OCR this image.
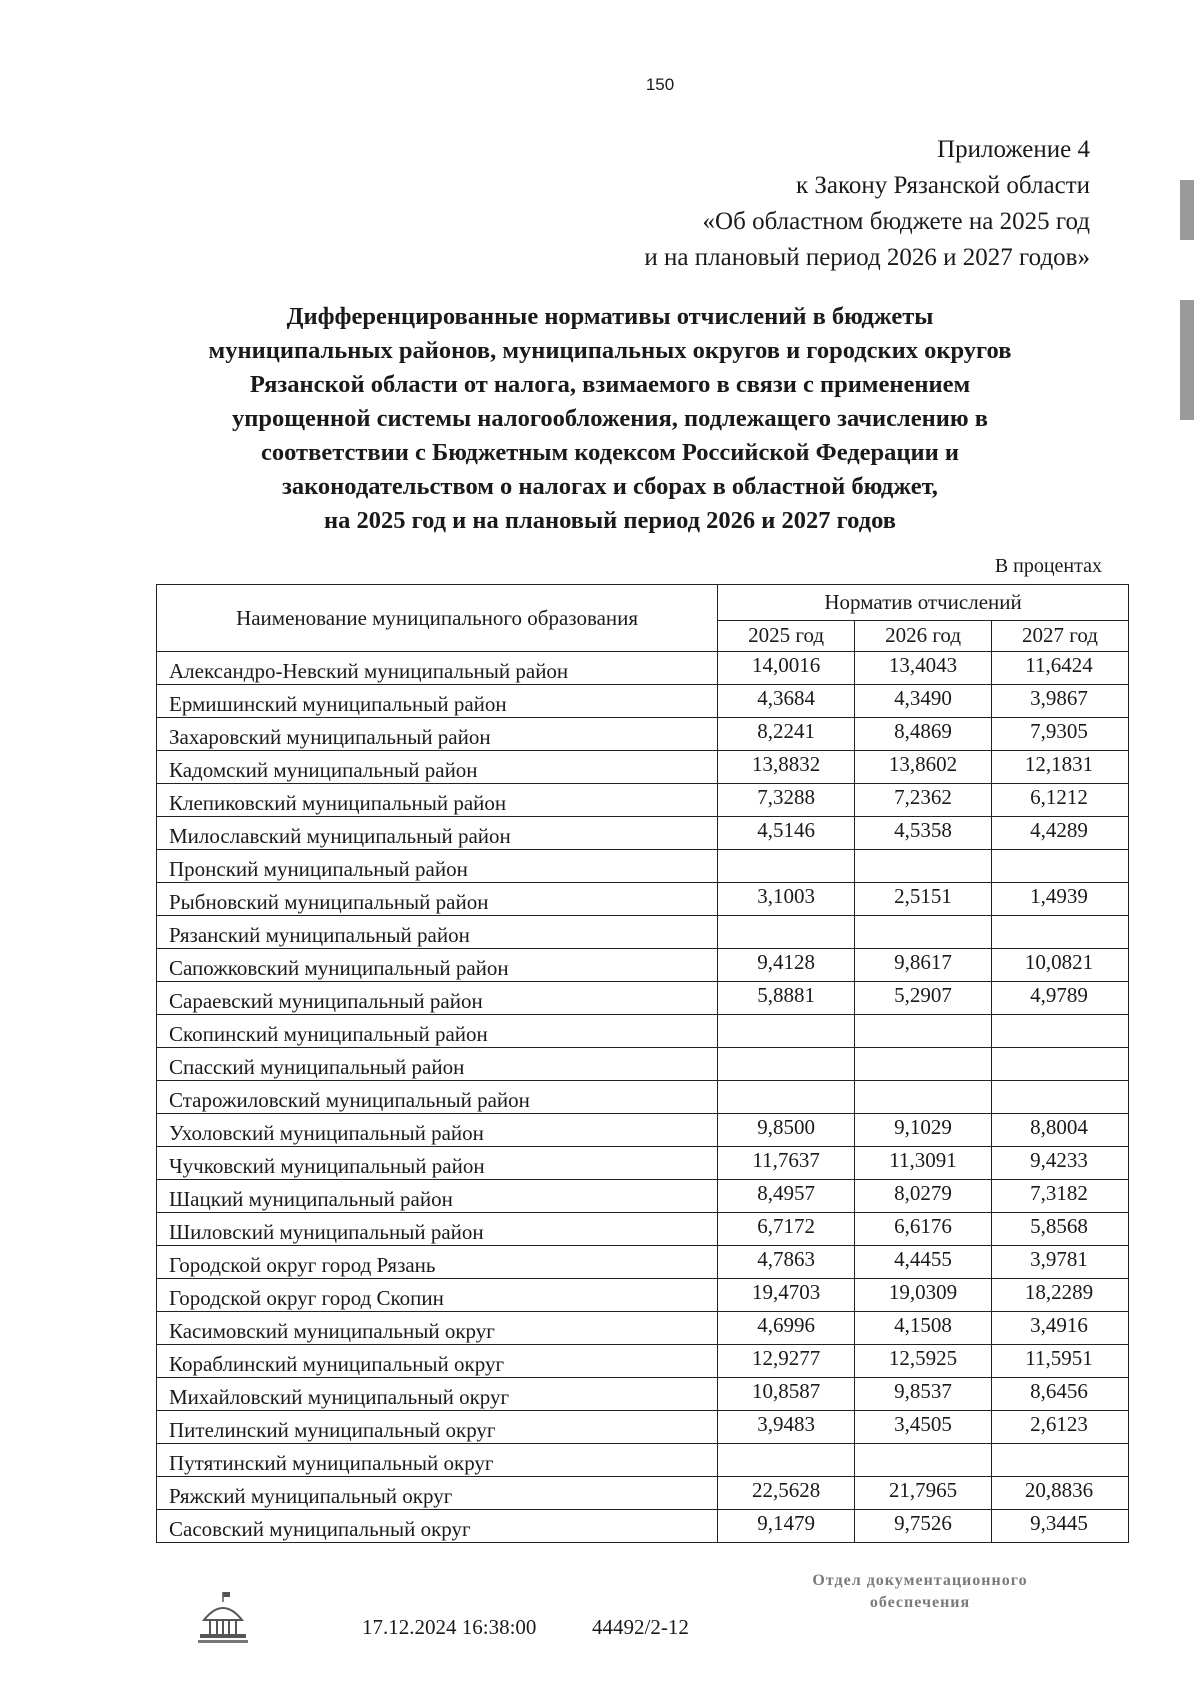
150
Приложение 4
к Закону Рязанской области
«Об областном бюджете на 2025 год
и на плановый период 2026 и 2027 годов»
Дифференцированные нормативы отчислений в бюджеты
муниципальных районов, муниципальных округов и городских округов
Рязанской области от налога, взимаемого в связи с применением
упрощенной системы налогообложения, подлежащего зачислению в
соответствии с Бюджетным кодексом Российской Федерации и
законодательством о налогах и сборах в областной бюджет,
на 2025 год и на плановый период 2026 и 2027 годов
В процентах
Наименование муниципального образования	Норматив отчислений		
	2025 год	2026 год	2027 год
Александро-Невский муниципальный район	14,0016	13,4043	11,6424
Ермишинский муниципальный район	4,3684	4,3490	3,9867
Захаровский муниципальный район	8,2241	8,4869	7,9305
Кадомский муниципальный район	13,8832	13,8602	12,1831
Клепиковский муниципальный район	7,3288	7,2362	6,1212
Милославский муниципальный район	4,5146	4,5358	4,4289
Пронский муниципальный район			
Рыбновский муниципальный район	3,1003	2,5151	1,4939
Рязанский муниципальный район			
Сапожковский муниципальный район	9,4128	9,8617	10,0821
Сараевский муниципальный район	5,8881	5,2907	4,9789
Скопинский муниципальный район			
Спасский муниципальный район			
Старожиловский муниципальный район			
Ухоловский муниципальный район	9,8500	9,1029	8,8004
Чучковский муниципальный район	11,7637	11,3091	9,4233
Шацкий муниципальный район	8,4957	8,0279	7,3182
Шиловский муниципальный район	6,7172	6,6176	5,8568
Городской округ город Рязань	4,7863	4,4455	3,9781
Городской округ город Скопин	19,4703	19,0309	18,2289
Касимовский муниципальный округ	4,6996	4,1508	3,4916
Кораблинский муниципальный округ	12,9277	12,5925	11,5951
Михайловский муниципальный округ	10,8587	9,8537	8,6456
Пителинский муниципальный округ	3,9483	3,4505	2,6123
Путятинский муниципальный округ			
Ряжский муниципальный округ	22,5628	21,7965	20,8836
Сасовский муниципальный округ	9,1479	9,7526	9,3445
17.12.2024 16:38:00	44492/2-12
Отдел документационного
обеспечения
